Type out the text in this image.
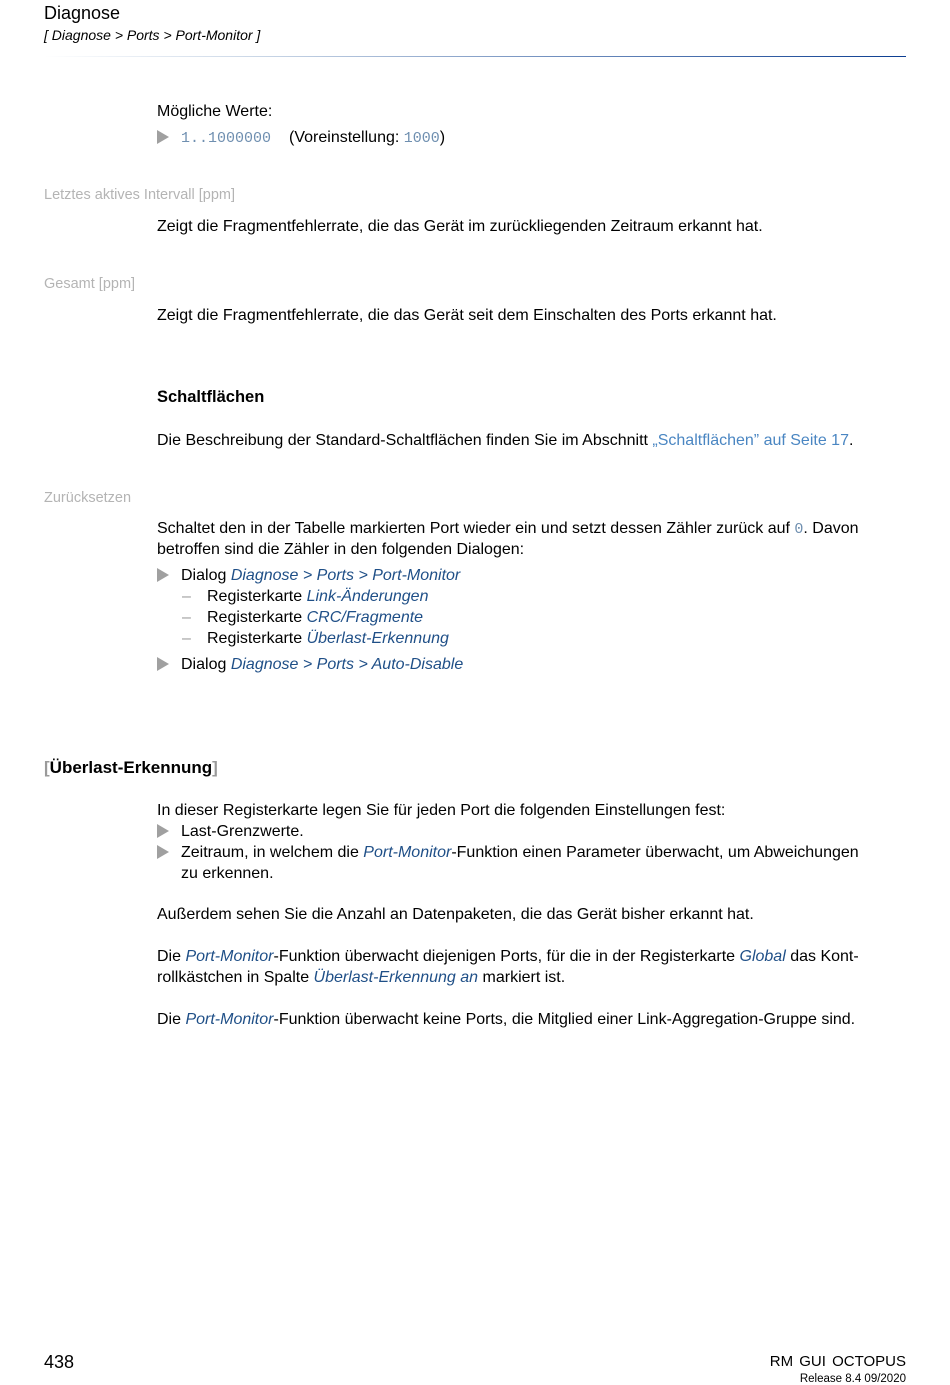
Diagnose
[ Diagnose > Ports > Port-Monitor ]
Mögliche Werte:
1..1000000 (Voreinstellung: 1000)
Letztes aktives Intervall [ppm]
Zeigt die Fragmentfehlerrate, die das Gerät im zurückliegenden Zeitraum erkannt hat.
Gesamt [ppm]
Zeigt die Fragmentfehlerrate, die das Gerät seit dem Einschalten des Ports erkannt hat.
Schaltflächen
Die Beschreibung der Standard-Schaltflächen finden Sie im Abschnitt „Schaltflächen” auf Seite 17.
Zurücksetzen
Schaltet den in der Tabelle markierten Port wieder ein und setzt dessen Zähler zurück auf 0. Davon
betroffen sind die Zähler in den folgenden Dialogen:
Dialog Diagnose > Ports > Port-Monitor
– Registerkarte Link-Änderungen
– Registerkarte CRC/Fragmente
– Registerkarte Überlast-Erkennung
Dialog Diagnose > Ports > Auto-Disable
[Überlast-Erkennung]
In dieser Registerkarte legen Sie für jeden Port die folgenden Einstellungen fest:
Last-Grenzwerte.
Zeitraum, in welchem die Port-Monitor-Funktion einen Parameter überwacht, um Abweichungen
zu erkennen.
Außerdem sehen Sie die Anzahl an Datenpaketen, die das Gerät bisher erkannt hat.
Die Port-Monitor-Funktion überwacht diejenigen Ports, für die in der Registerkarte Global das Kont-
rollkästchen in Spalte Überlast-Erkennung an markiert ist.
Die Port-Monitor-Funktion überwacht keine Ports, die Mitglied einer Link-Aggregation-Gruppe sind.
438	RM GUI OCTOPUS
Release 8.4 09/2020
